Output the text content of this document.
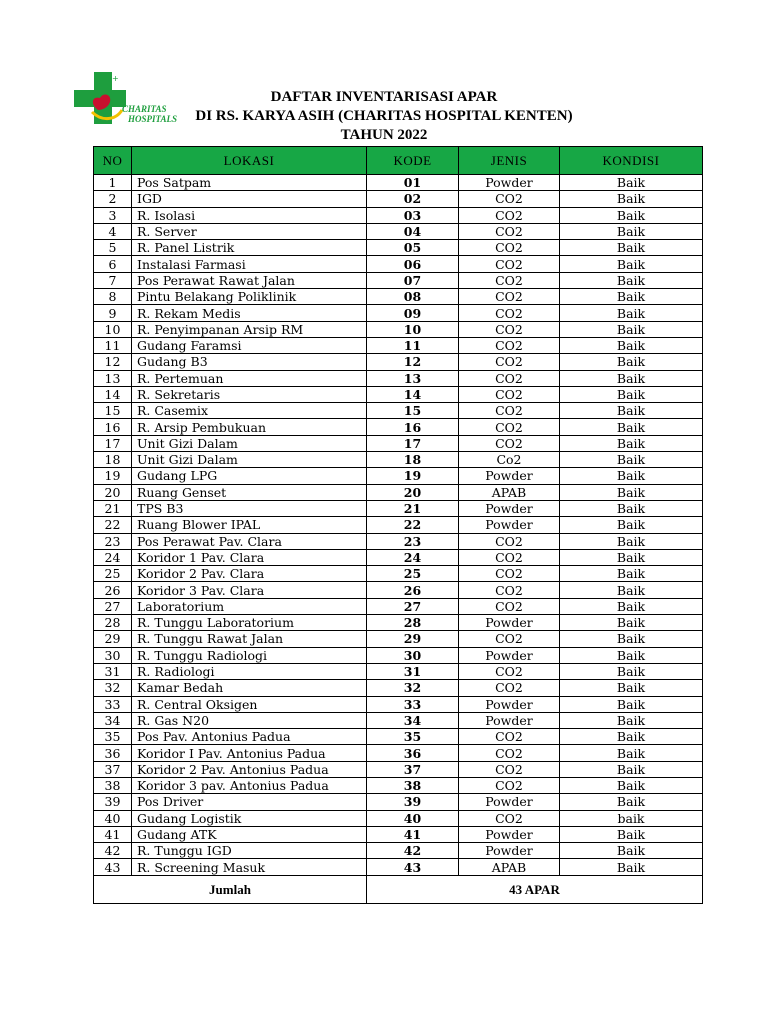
+
CHARITAS
HOSPITALS
DAFTAR INVENTARISASI APAR
DI RS. KARYA ASIH (CHARITAS HOSPITAL KENTEN)
TAHUN 2022
NO	LOKASI	KODE	JENIS	KONDISI
1	Pos Satpam	01	Powder	Baik
2	IGD	02	CO2	Baik
3	R. Isolasi	03	CO2	Baik
4	R. Server	04	CO2	Baik
5	R. Panel Listrik	05	CO2	Baik
6	Instalasi Farmasi	06	CO2	Baik
7	Pos Perawat Rawat Jalan	07	CO2	Baik
8	Pintu Belakang Poliklinik	08	CO2	Baik
9	R. Rekam Medis	09	CO2	Baik
10	R. Penyimpanan Arsip RM	10	CO2	Baik
11	Gudang Faramsi	11	CO2	Baik
12	Gudang B3	12	CO2	Baik
13	R. Pertemuan	13	CO2	Baik
14	R. Sekretaris	14	CO2	Baik
15	R. Casemix	15	CO2	Baik
16	R. Arsip Pembukuan	16	CO2	Baik
17	Unit Gizi Dalam	17	CO2	Baik
18	Unit Gizi Dalam	18	Co2	Baik
19	Gudang LPG	19	Powder	Baik
20	Ruang Genset	20	APAB	Baik
21	TPS B3	21	Powder	Baik
22	Ruang Blower IPAL	22	Powder	Baik
23	Pos Perawat Pav. Clara	23	CO2	Baik
24	Koridor 1 Pav. Clara	24	CO2	Baik
25	Koridor 2 Pav. Clara	25	CO2	Baik
26	Koridor 3 Pav. Clara	26	CO2	Baik
27	Laboratorium	27	CO2	Baik
28	R. Tunggu Laboratorium	28	Powder	Baik
29	R. Tunggu Rawat Jalan	29	CO2	Baik
30	R. Tunggu Radiologi	30	Powder	Baik
31	R. Radiologi	31	CO2	Baik
32	Kamar Bedah	32	CO2	Baik
33	R. Central Oksigen	33	Powder	Baik
34	R. Gas N20	34	Powder	Baik
35	Pos Pav. Antonius Padua	35	CO2	Baik
36	Koridor I Pav. Antonius Padua	36	CO2	Baik
37	Koridor 2 Pav. Antonius Padua	37	CO2	Baik
38	Koridor 3 pav. Antonius Padua	38	CO2	Baik
39	Pos Driver	39	Powder	Baik
40	Gudang Logistik	40	CO2	baik
41	Gudang ATK	41	Powder	Baik
42	R. Tunggu IGD	42	Powder	Baik
43	R. Screening Masuk	43	APAB	Baik
Jumlah		43 APAR		
